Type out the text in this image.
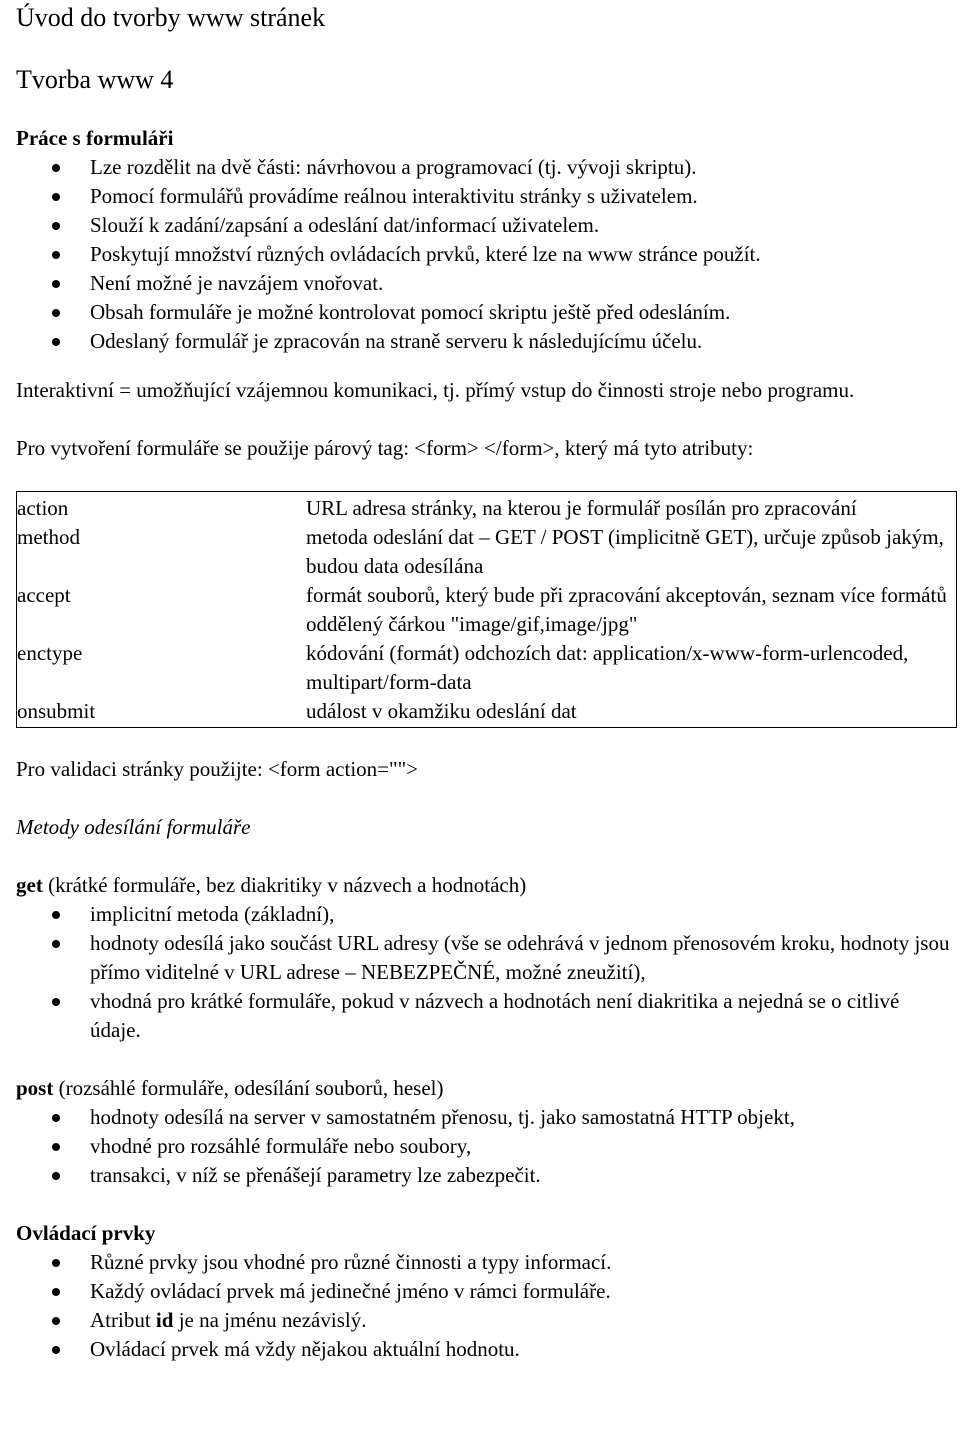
Úvod do tvorby www stránek
Tvorba www 4
Práce s formuláři
Lze rozdělit na dvě části: návrhovou a programovací (tj. vývoji skriptu).
Pomocí formulářů provádíme reálnou interaktivitu stránky s uživatelem.
Slouží k zadání/zapsání a odeslání dat/informací uživatelem.
Poskytují množství různých ovládacích prvků, které lze na www stránce použít.
Není možné je navzájem vnořovat.
Obsah formuláře je možné kontrolovat pomocí skriptu ještě před odesláním.
Odeslaný formulář je zpracován na straně serveru k následujícímu účelu.

Interaktivní = umožňující vzájemnou komunikaci, tj. přímý vstup do činnosti stroje nebo programu.

Pro vytvoření formuláře se použije párový tag: <form> </form>, který má tyto atributy:

action	URL adresa stránky, na kterou je formulář posílán pro zpracování
method	metoda odeslání dat – GET / POST (implicitně GET), určuje způsob jakým, budou data odesílána
accept	formát souborů, který bude při zpracování akceptován, seznam více formátů oddělený čárkou "image/gif,image/jpg"
enctype	kódování (formát) odchozích dat: application/x-www-form-urlencoded, multipart/form-data
onsubmit	událost v okamžiku odeslání dat

Pro validaci stránky použijte: <form action="">

Metody odesílání formuláře

get (krátké formuláře, bez diakritiky v názvech a hodnotách)

implicitní metoda (základní),
hodnoty odesílá jako součást URL adresy (vše se odehrává v jednom přenosovém kroku, hodnoty jsou přímo viditelné v URL adrese – NEBEZPEČNÉ, možné zneužití),
vhodná pro krátké formuláře, pokud v názvech a hodnotách není diakritika a nejedná se o citlivé údaje.

post (rozsáhlé formuláře, odesílání souborů, hesel)

hodnoty odesílá na server v samostatném přenosu, tj. jako samostatná HTTP objekt,
vhodné pro rozsáhlé formuláře nebo soubory,
transakci, v níž se přenášejí parametry lze zabezpečit.
Ovládací prvky
Různé prvky jsou vhodné pro různé činnosti a typy informací.
Každý ovládací prvek má jedinečné jméno v rámci formuláře.
Atribut id je na jménu nezávislý.
Ovládací prvek má vždy nějakou aktuální hodnotu.
